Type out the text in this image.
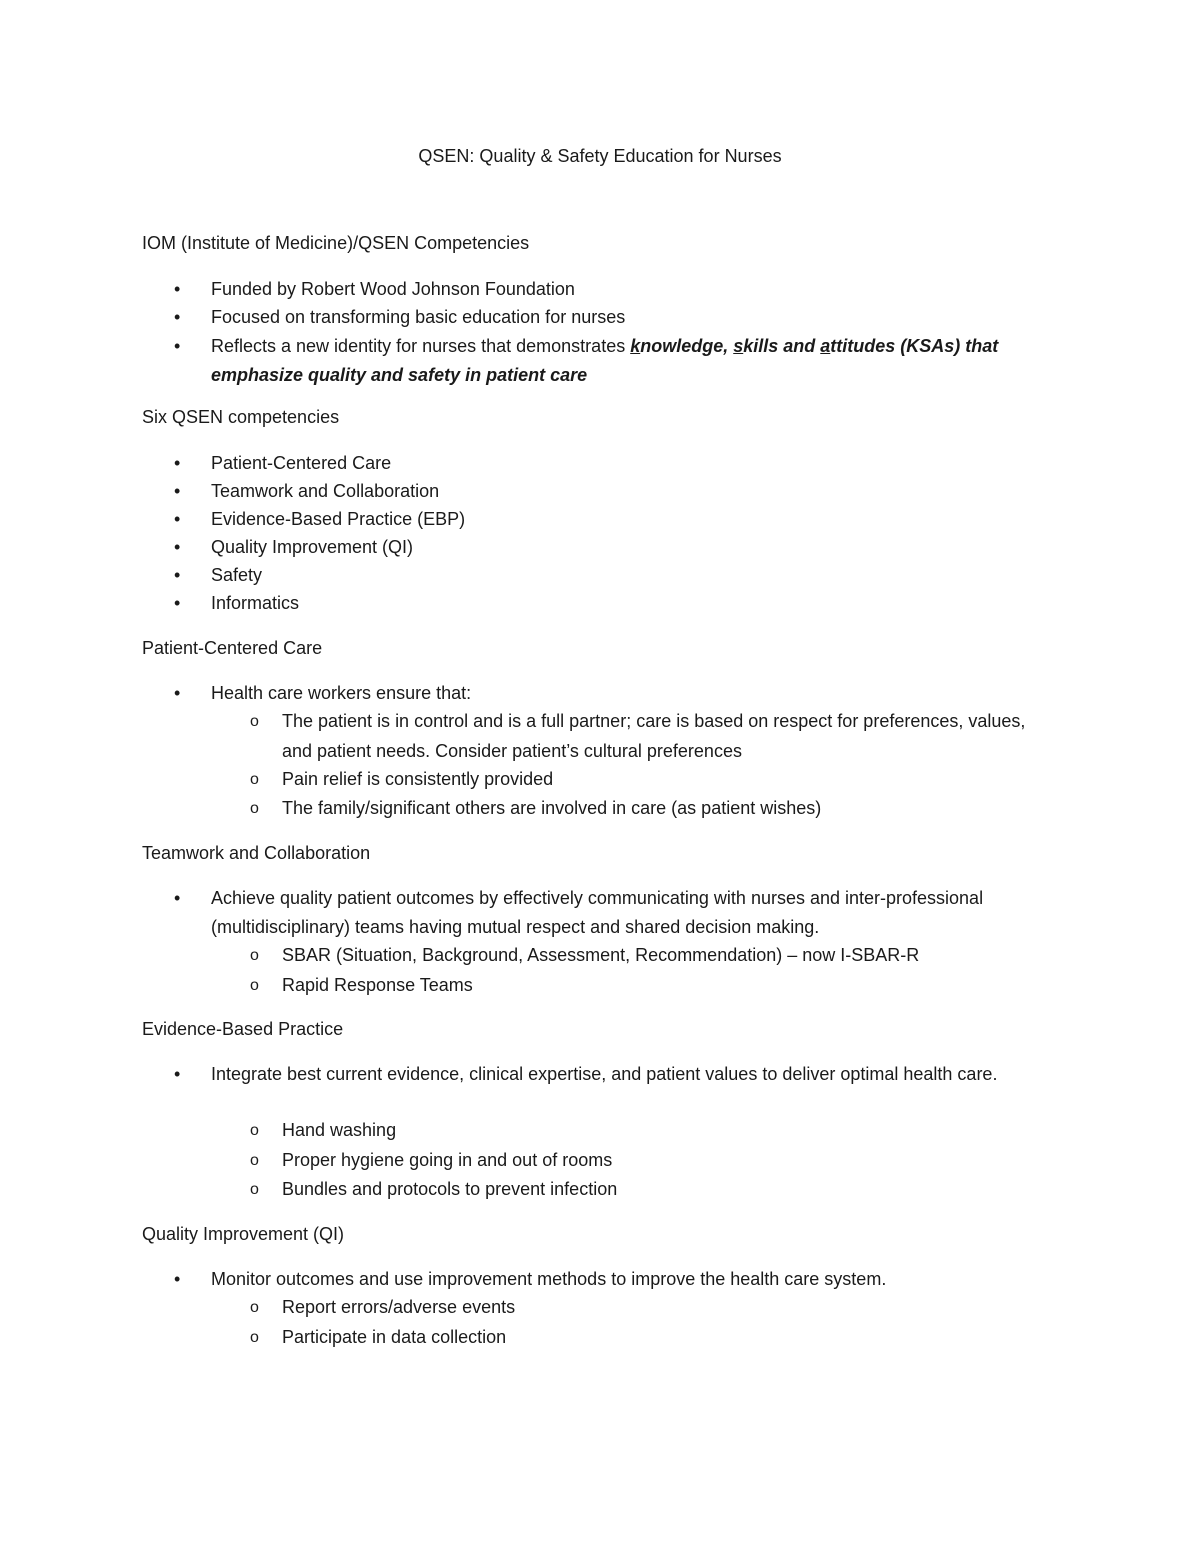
QSEN: Quality & Safety Education for Nurses
IOM (Institute of Medicine)/QSEN Competencies
• Funded by Robert Wood Johnson Foundation
• Focused on transforming basic education for nurses
• Reflects a new identity for nurses that demonstrates knowledge, skills and attitudes (KSAs) that emphasize quality and safety in patient care
Six QSEN competencies
• Patient-Centered Care
• Teamwork and Collaboration
• Evidence-Based Practice (EBP)
• Quality Improvement (QI)
• Safety
• Informatics
Patient-Centered Care
• Health care workers ensure that:
o The patient is in control and is a full partner; care is based on respect for preferences, values, and patient needs. Consider patient’s cultural preferences
o Pain relief is consistently provided
o The family/significant others are involved in care (as patient wishes)
Teamwork and Collaboration
• Achieve quality patient outcomes by effectively communicating with nurses and inter-professional (multidisciplinary) teams having mutual respect and shared decision making.
o SBAR (Situation, Background, Assessment, Recommendation) – now I-SBAR-R
o Rapid Response Teams
Evidence-Based Practice
• Integrate best current evidence, clinical expertise, and patient values to deliver optimal health care.
o Hand washing
o Proper hygiene going in and out of rooms
o Bundles and protocols to prevent infection
Quality Improvement (QI)
• Monitor outcomes and use improvement methods to improve the health care system.
o Report errors/adverse events
o Participate in data collection
